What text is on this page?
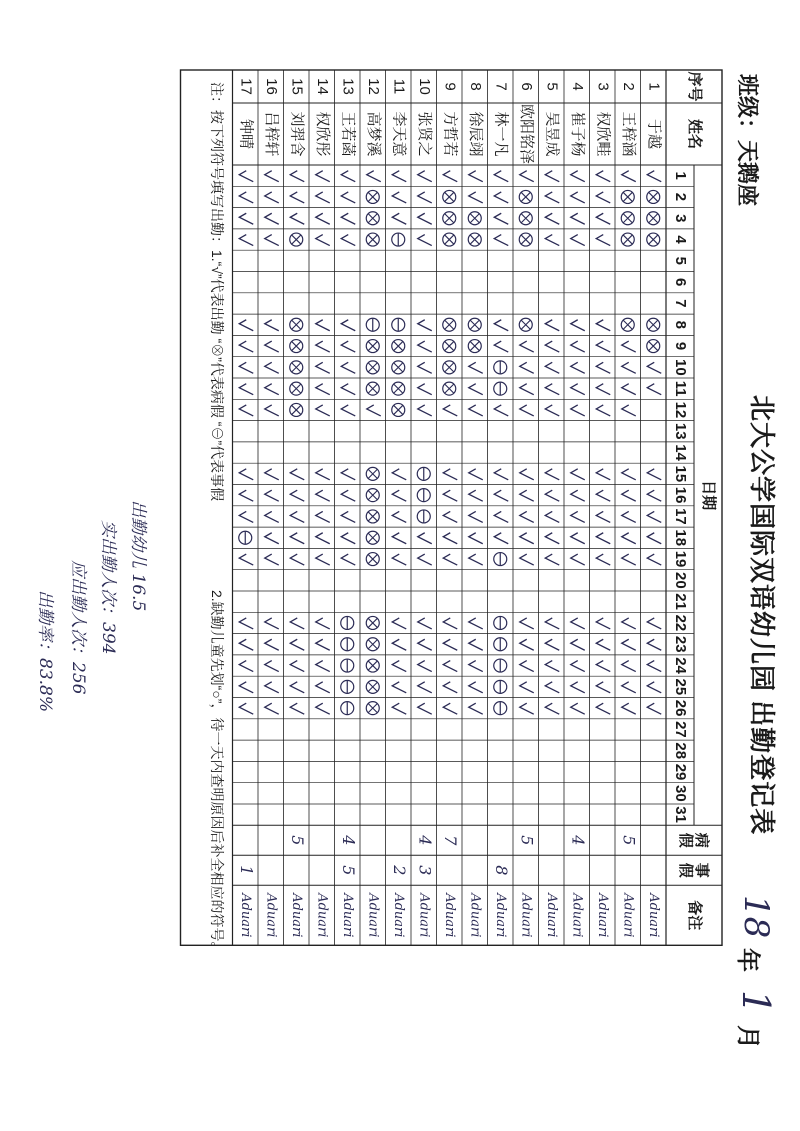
北大公学国际双语幼儿园 出勤登记表
班级：天鹅座
18
年
1
月
序号
姓名
日期
病
假
事
假
备注
1
2
3
4
5
6
7
8
9
10
11
12
13
14
15
16
17
18
19
20
21
22
23
24
25
26
27
28
29
30
31
1
于越
Aduari
2
王梓涵
5
Aduari
3
权欣畦
Aduari
4
崔子杨
4
Aduari
5
吴昱成
Aduari
6
欧阳铭泽
5
Aduari
7
林一凡
8
Aduari
8
徐辰翊
Aduari
9
方哲若
7
Aduari
10
张贤之
4
3
Aduari
11
李天意
2
Aduari
12
高梦溪
Aduari
13
王若菡
4
5
Aduari
14
权欣彤
Aduari
15
刘羿含
5
Aduari
16
吕梓轩
Aduari
17
钟晴
1
Aduari
注：按下列符号填写出勤：1.“√”代表出勤 “⊗”代表病假 “⊖”代表事假
2.缺勤儿童先划“○”，待一天内查明原因后补全相应的符号。
出勤幼儿 16.5
实出勤人次：394
应出勤人次：256
出勤率：83.8%
